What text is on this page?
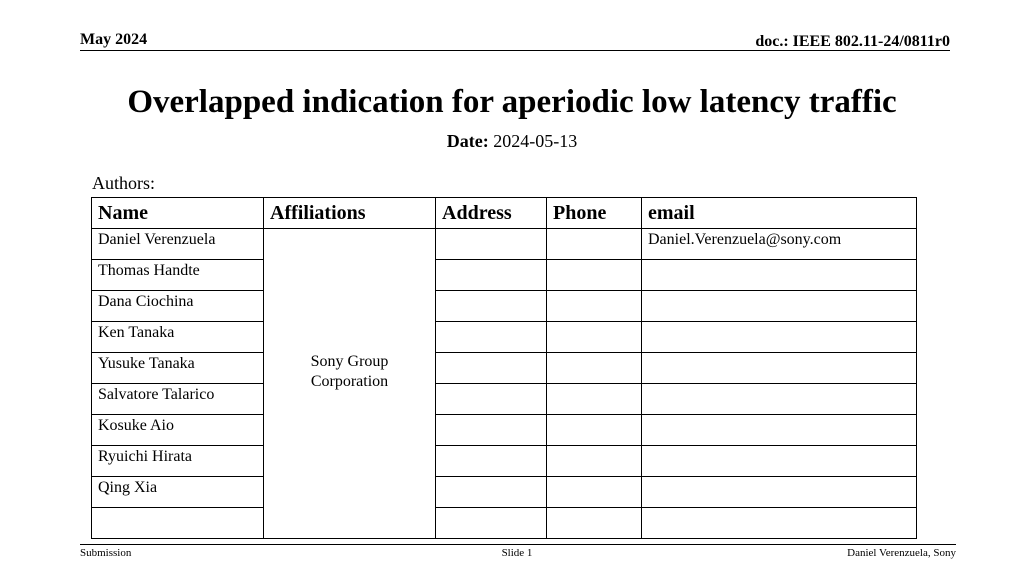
May 2024	doc.: IEEE 802.11-24/0811r0
Overlapped indication for aperiodic low latency traffic
Date: 2024-05-13
Authors:
Name	Affiliations	Address	Phone	email
Daniel Verenzuela	Sony Group Corporation			Daniel.Verenzuela@sony.com
Thomas Handte				
Dana Ciochina				
Ken Tanaka				
Yusuke Tanaka				
Salvatore Talarico				
Kosuke Aio				
Ryuichi Hirata				
Qing Xia				

Submission	Slide 1	Daniel Verenzuela, Sony
